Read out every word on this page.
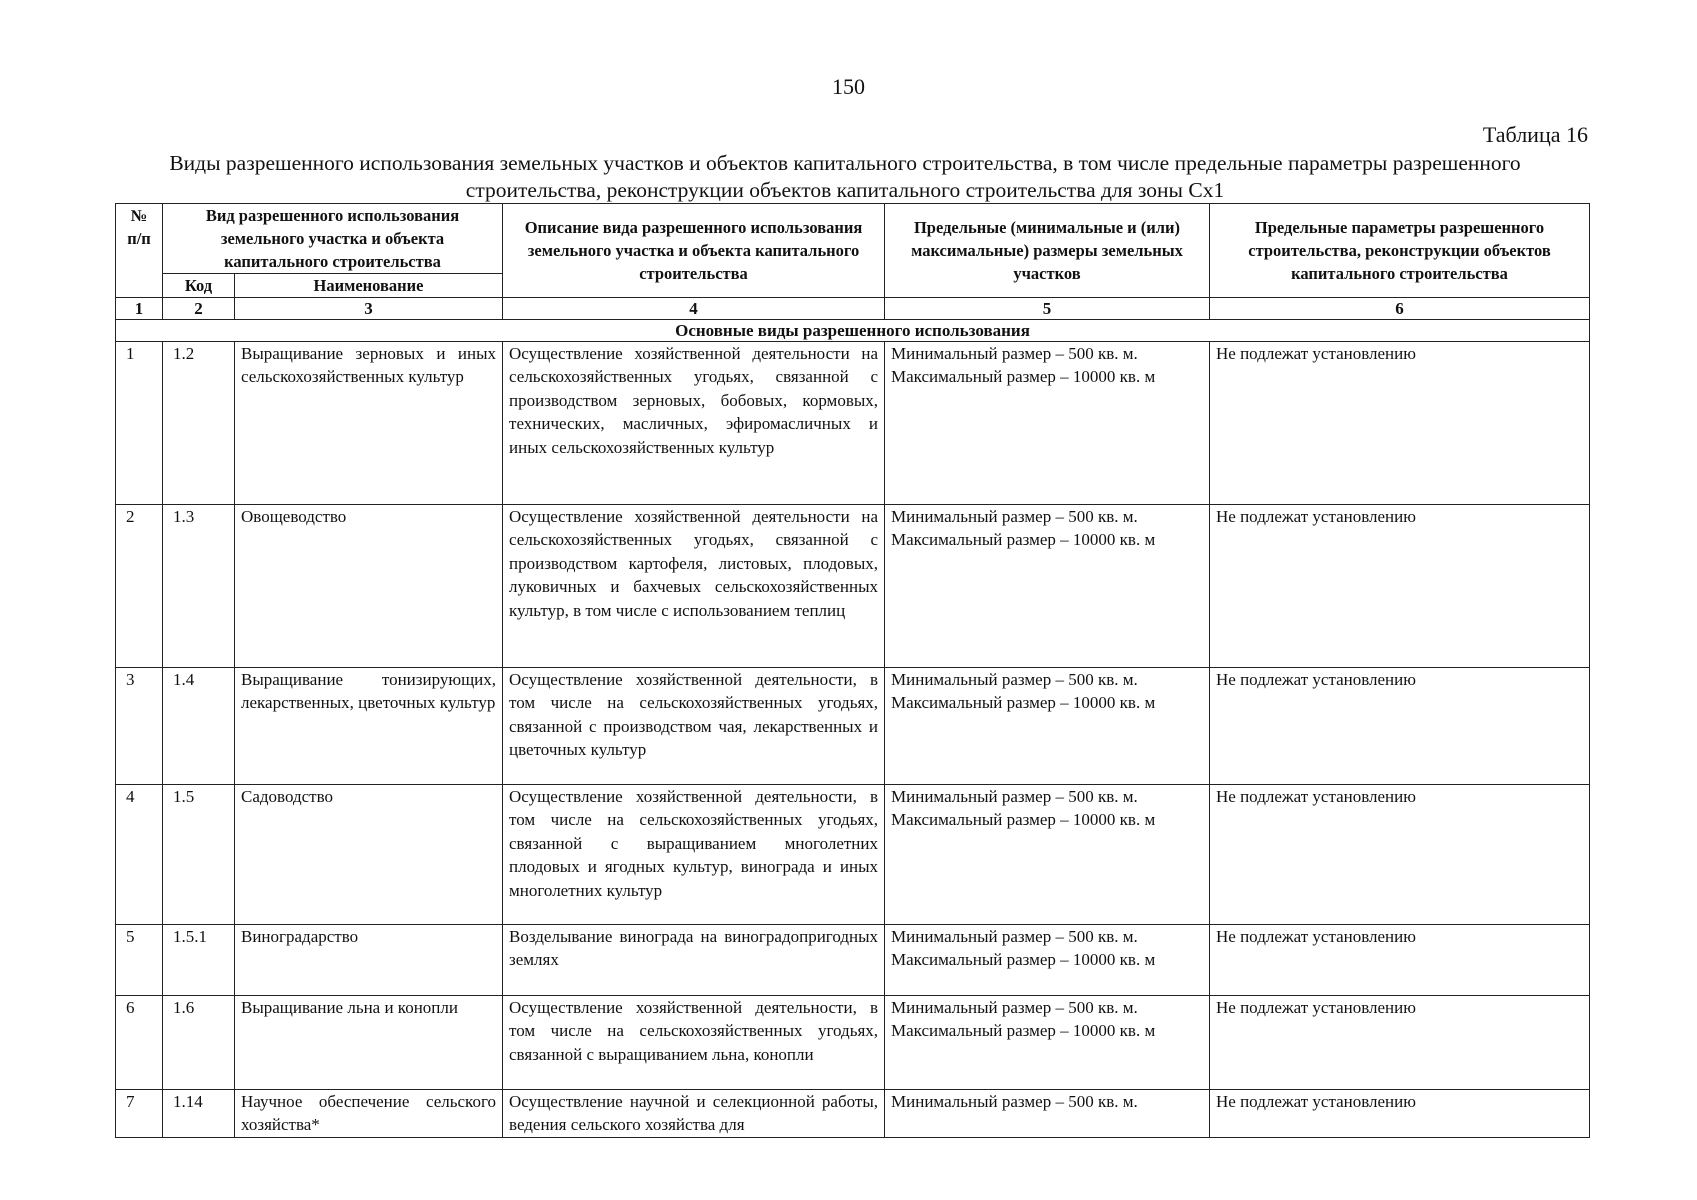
150
Таблица 16
Виды разрешенного использования земельных участков и объектов капитального строительства, в том числе предельные параметры разрешенного строительства, реконструкции объектов капитального строительства для зоны Сх1
№ п/п	Вид разрешенного использования земельного участка и объекта капитального строительства		Описание вида разрешенного использования земельного участка и объекта капитального строительства	Предельные (минимальные и (или) максимальные) размеры земельных участков	Предельные параметры разрешенного строительства, реконструкции объектов капитального строительства
	Код	Наименование			
1	2	3	4	5	6
Основные виды разрешенного использования					
1	1.2	Выращивание зерновых и иных сельскохозяйственных культур	Осуществление хозяйственной деятельности на сельскохозяйственных угодьях, связанной с производством зерновых, бобовых, кормовых, технических, масличных, эфиромасличных и иных сельскохозяйственных культур	Минимальный размер – 500 кв. м. Максимальный размер – 10000 кв. м	Не подлежат установлению
2	1.3	Овощеводство	Осуществление хозяйственной деятельности на сельскохозяйственных угодьях, связанной с производством картофеля, листовых, плодовых, луковичных и бахчевых сельскохозяйственных культур, в том числе с использованием теплиц	Минимальный размер – 500 кв. м. Максимальный размер – 10000 кв. м	Не подлежат установлению
3	1.4	Выращивание тонизирующих, лекарственных, цветочных культур	Осуществление хозяйственной деятельности, в том числе на сельскохозяйственных угодьях, связанной с производством чая, лекарственных и цветочных культур	Минимальный размер – 500 кв. м. Максимальный размер – 10000 кв. м	Не подлежат установлению
4	1.5	Садоводство	Осуществление хозяйственной деятельности, в том числе на сельскохозяйственных угодьях, связанной с выращиванием многолетних плодовых и ягодных культур, винограда и иных многолетних культур	Минимальный размер – 500 кв. м. Максимальный размер – 10000 кв. м	Не подлежат установлению
5	1.5.1	Виноградарство	Возделывание винограда на виноградопригодных землях	Минимальный размер – 500 кв. м. Максимальный размер – 10000 кв. м	Не подлежат установлению
6	1.6	Выращивание льна и конопли	Осуществление хозяйственной деятельности, в том числе на сельскохозяйственных угодьях, связанной с выращиванием льна, конопли	Минимальный размер – 500 кв. м. Максимальный размер – 10000 кв. м	Не подлежат установлению
7	1.14	Научное обеспечение сельского хозяйства*	Осуществление научной и селекционной работы, ведения сельского хозяйства для	Минимальный размер – 500 кв. м.	Не подлежат установлению
